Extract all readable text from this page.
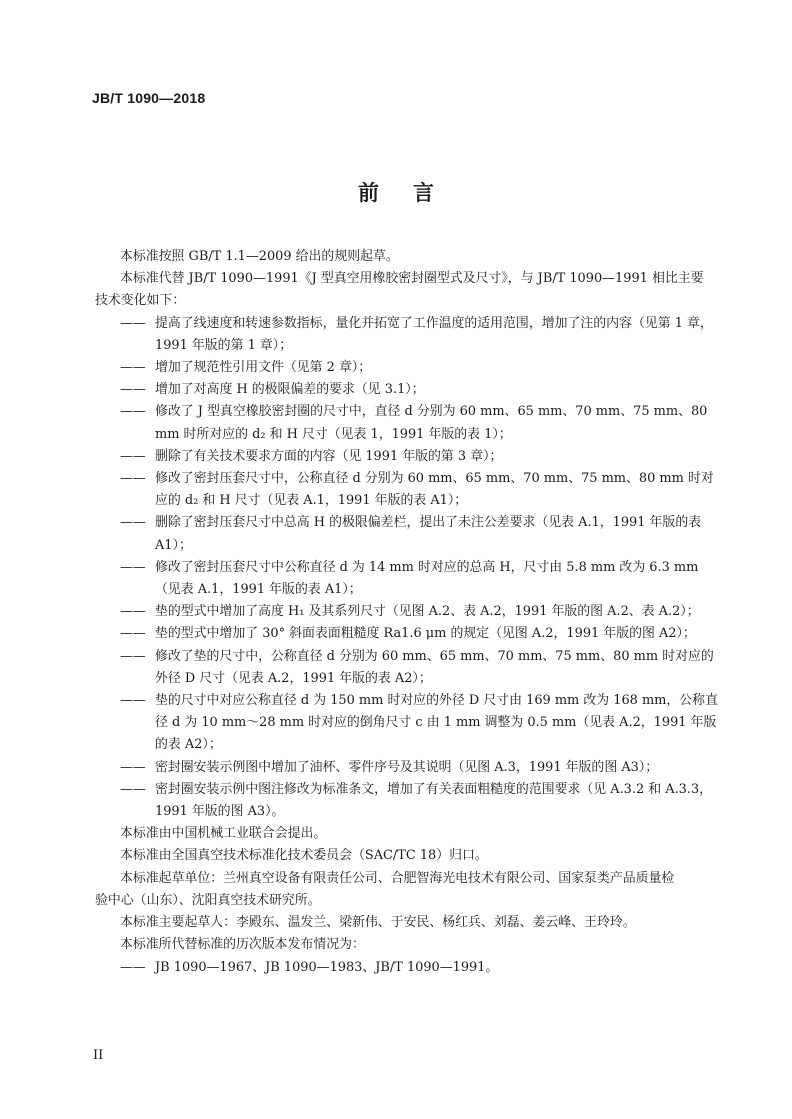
JB/T 1090—2018
前言

本标准按照 GB/T 1.1—2009 给出的规则起草。

本标准代替 JB/T 1090—1991《J 型真空用橡胶密封圈型式及尺寸》，与 JB/T 1090—1991 相比主要

技术变化如下：

—— 提高了线速度和转速参数指标，量化并拓宽了工作温度的适用范围，增加了注的内容（见第 1 章，1991 年版的第 1 章）；
—— 增加了规范性引用文件（见第 2 章）；
—— 增加了对高度 H 的极限偏差的要求（见 3.1）；
—— 修改了 J 型真空橡胶密封圈的尺寸中，直径 d 分别为 60 mm、65 mm、70 mm、75 mm、80 mm 时所对应的 d₂ 和 H 尺寸（见表 1，1991 年版的表 1）；
—— 删除了有关技术要求方面的内容（见 1991 年版的第 3 章）；
—— 修改了密封压套尺寸中，公称直径 d 分别为 60 mm、65 mm、70 mm、75 mm、80 mm 时对应的 d₂ 和 H 尺寸（见表 A.1，1991 年版的表 A1）；
—— 删除了密封压套尺寸中总高 H 的极限偏差栏，提出了未注公差要求（见表 A.1，1991 年版的表 A1）；
—— 修改了密封压套尺寸中公称直径 d 为 14 mm 时对应的总高 H，尺寸由 5.8 mm 改为 6.3 mm（见表 A.1，1991 年版的表 A1）；
—— 垫的型式中增加了高度 H₁ 及其系列尺寸（见图 A.2、表 A.2，1991 年版的图 A.2、表 A.2）；
—— 垫的型式中增加了 30° 斜面表面粗糙度 Ra1.6 μm 的规定（见图 A.2，1991 年版的图 A2）；
—— 修改了垫的尺寸中，公称直径 d 分别为 60 mm、65 mm、70 mm、75 mm、80 mm 时对应的外径 D 尺寸（见表 A.2，1991 年版的表 A2）；
—— 垫的尺寸中对应公称直径 d 为 150 mm 时对应的外径 D 尺寸由 169 mm 改为 168 mm，公称直径 d 为 10 mm～28 mm 时对应的倒角尺寸 c 由 1 mm 调整为 0.5 mm（见表 A.2，1991 年版的表 A2）；
—— 密封圈安装示例图中增加了油杯、零件序号及其说明（见图 A.3，1991 年版的图 A3）；
—— 密封圈安装示例中图注修改为标准条文，增加了有关表面粗糙度的范围要求（见 A.3.2 和 A.3.3，1991 年版的图 A3）。

本标准由中国机械工业联合会提出。

本标准由全国真空技术标准化技术委员会（SAC/TC 18）归口。

本标准起草单位：兰州真空设备有限责任公司、合肥智海光电技术有限公司、国家泵类产品质量检

验中心（山东）、沈阳真空技术研究所。

本标准主要起草人：李殿东、温发兰、梁新伟、于安民、杨红兵、刘磊、姜云峰、王玲玲。

本标准所代替标准的历次版本发布情况为：

—— JB 1090—1967、JB 1090—1983、JB/T 1090—1991。
II
